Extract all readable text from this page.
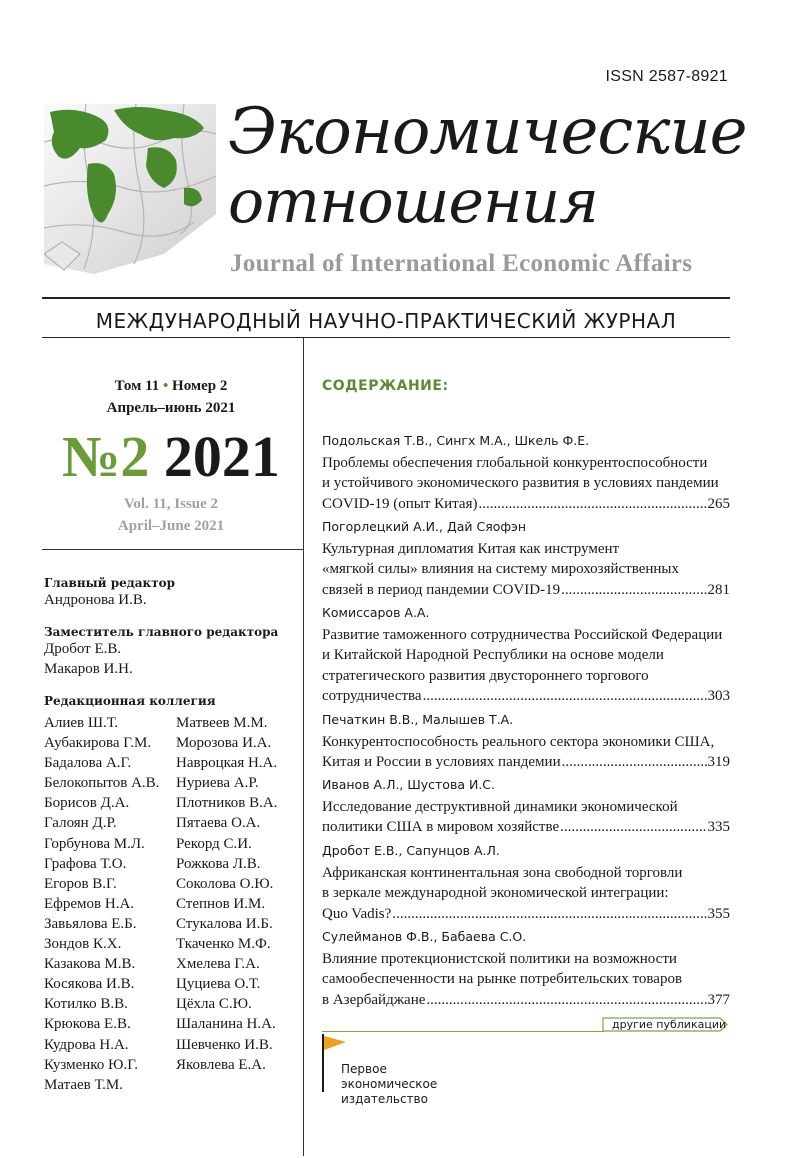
ISSN 2587-8921
Экономические
отношения
Journal of International Economic Affairs
МЕЖДУНАРОДНЫЙ НАУЧНО-ПРАКТИЧЕСКИЙ ЖУРНАЛ
Том 11 • Номер 2
Апрель–июнь 2021
№2 2021
Vol. 11, Issue 2
April–June 2021
Главный редактор
Андронова И.В.
Заместитель главного редактора
Дробот Е.В.
Макаров И.Н.
Редакционная коллегия
Алиев Ш.Т.
Аубакирова Г.М.
Бадалова А.Г.
Белокопытов А.В.
Борисов Д.А.
Галоян Д.Р.
Горбунова М.Л.
Графова Т.О.
Егоров В.Г.
Ефремов Н.А.
Завьялова Е.Б.
Зондов К.Х.
Казакова М.В.
Косякова И.В.
Котилко В.В.
Крюкова Е.В.
Кудрова Н.А.
Кузменко Ю.Г.
Матаев Т.М.
Матвеев М.М.
Морозова И.А.
Навроцкая Н.А.
Нуриева А.Р.
Плотников В.А.
Пятаева О.А.
Рекорд С.И.
Рожкова Л.В.
Соколова О.Ю.
Степнов И.М.
Стукалова И.Б.
Ткаченко М.Ф.
Хмелева Г.А.
Цуциева О.Т.
Цёхла С.Ю.
Шаланина Н.А.
Шевченко И.В.
Яковлева Е.А.
СОДЕРЖАНИЕ:
Подольская Т.В., Сингх М.А., Шкель Ф.Е.
Проблемы обеспечения глобальной конкурентоспособности
и устойчивого экономического развития в условиях пандемии
COVID-19 (опыт Китая) .....	265
Погорлецкий А.И., Дай Сяофэн
Культурная дипломатия Китая как инструмент
«мягкой силы» влияния на систему мирохозяйственных
связей в период пандемии COVID-19 .....	281
Комиссаров А.А.
Развитие таможенного сотрудничества Российской Федерации
и Китайской Народной Республики на основе модели
стратегического развития двустороннего торгового
сотрудничества .....	303
Печаткин В.В., Малышев Т.А.
Конкурентоспособность реального сектора экономики США,
Китая и России в условиях пандемии .....	319
Иванов А.Л., Шустова И.С.
Исследование деструктивной динамики экономической
политики США в мировом хозяйстве .....	335
Дробот Е.В., Сапунцов А.Л.
Африканская континентальная зона свободной торговли
в зеркале международной экономической интеграции:
Quo Vadis? .....	355
Сулейманов Ф.В., Бабаева С.О.
Влияние протекционистской политики на возможности
самообеспеченности на рынке потребительских товаров
в Азербайджане .....	377
другие публикации
Первое
экономическое
издательство
